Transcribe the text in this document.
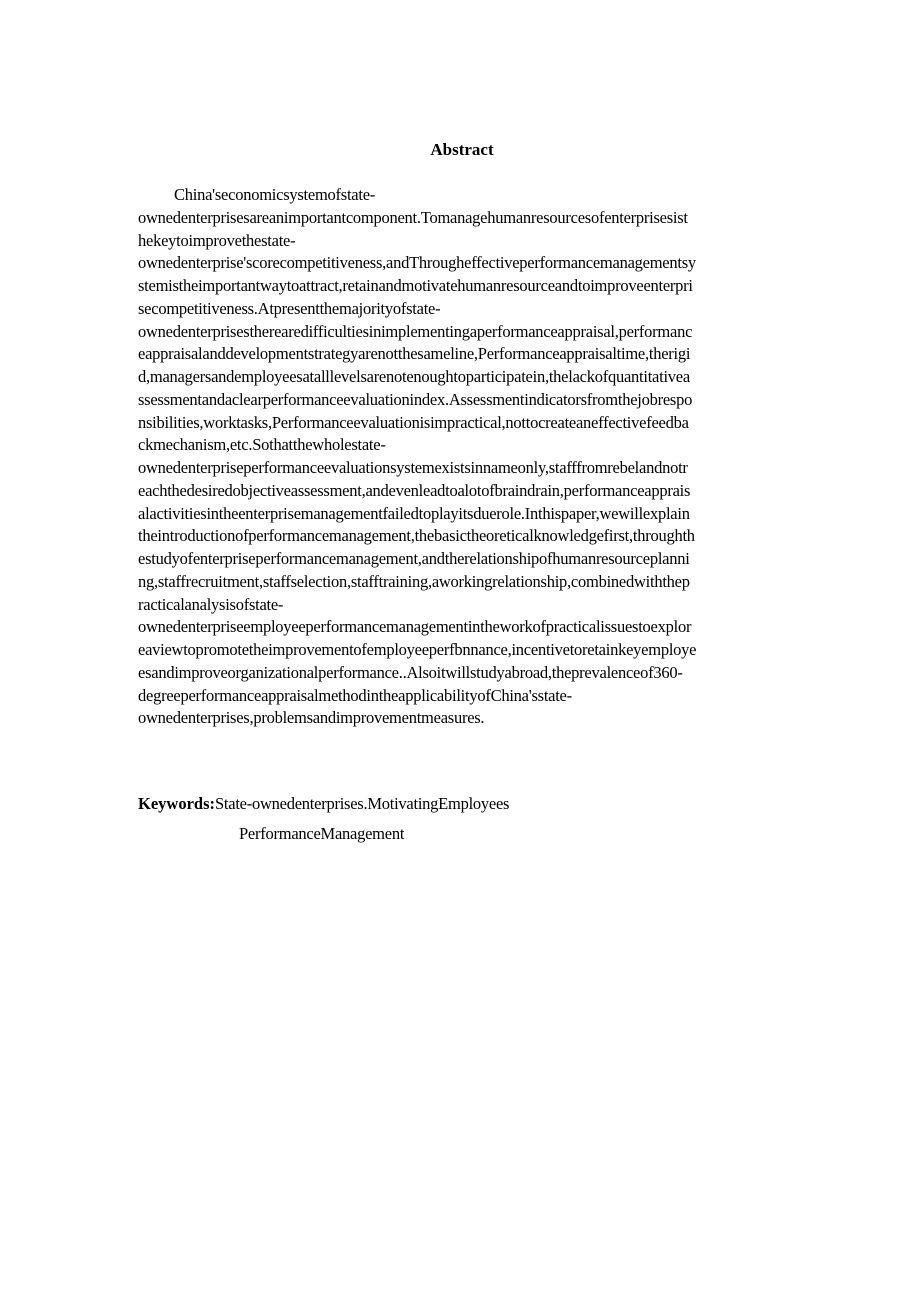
Abstract
China'seconomicsystemofstate-
ownedenterprisesareanimportantcomponent.Tomanagehumanresourcesofenterprisesist
hekeytoimprovethestate-
ownedenterprise'scorecompetitiveness,andThrougheffectiveperformancemanagementsy
stemistheimportantwaytoattract,retainandmotivatehumanresourceandtoimproveenterpri
secompetitiveness.Atpresentthemajorityofstate-
ownedenterprisestherearedifficultiesinimplementingaperformanceappraisal,performanc
eappraisalanddevelopmentstrategyarenotthesameline,Performanceappraisaltime,therigi
d,managersandemployeesatalllevelsarenotenoughtoparticipatein,thelackofquantitativea
ssessmentandaclearperformanceevaluationindex.Assessmentindicatorsfromthejobrespo
nsibilities,worktasks,Performanceevaluationisimpractical,nottocreateaneffectivefeedba
ckmechanism,etc.Sothatthewholestate-
ownedenterpriseperformanceevaluationsystemexistsinnameonly,stafffromrebelandnotr
eachthedesiredobjectiveassessment,andevenleadtoalotofbraindrain,performanceapprais
alactivitiesintheenterprisemanagementfailedtoplayitsduerole.Inthispaper,wewillexplain
theintroductionofperformancemanagement,thebasictheoreticalknowledgefirst,throughth
estudyofenterpriseperformancemanagement,andtherelationshipofhumanresourceplanni
ng,staffrecruitment,staffselection,stafftraining,aworkingrelationship,combinedwiththep
racticalanalysisofstate-
ownedenterpriseemployeeperformancemanagementintheworkofpracticalissuestoexplor
eaviewtopromotetheimprovementofemployeeperfbnnance,incentivetoretainkeyemploye
esandimproveorganizationalperformance..Alsoitwillstudyabroad,theprevalenceof360-
degreeperformanceappraisalmethodintheapplicabilityofChina'sstate-
ownedenterprises,problemsandimprovementmeasures.
Keywords:State-ownedenterprises.MotivatingEmployees
PerformanceManagement
